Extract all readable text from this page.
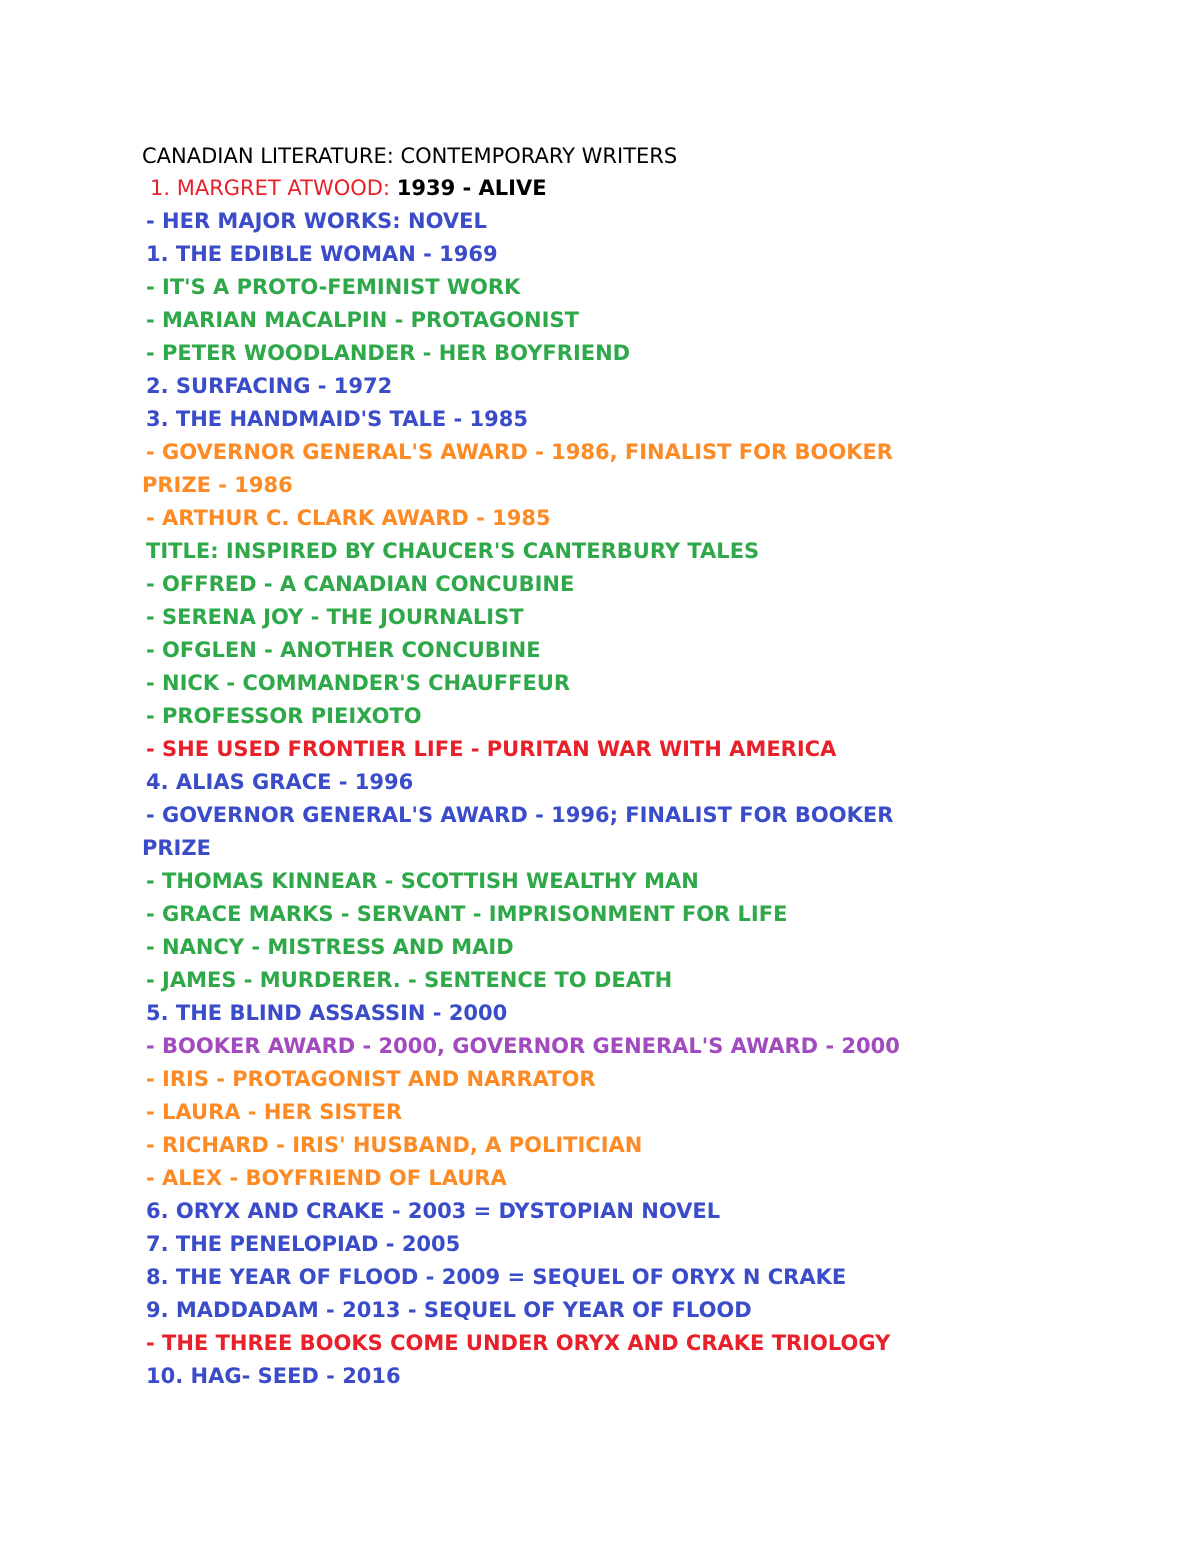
CANADIAN LITERATURE: CONTEMPORARY WRITERS
1. MARGRET ATWOOD: 1939 - ALIVE
- HER MAJOR WORKS: NOVEL
1. THE EDIBLE WOMAN - 1969
- IT'S A PROTO-FEMINIST WORK
- MARIAN MACALPIN - PROTAGONIST
- PETER WOODLANDER - HER BOYFRIEND
2. SURFACING - 1972
3. THE HANDMAID'S TALE - 1985
- GOVERNOR GENERAL'S AWARD - 1986, FINALIST FOR BOOKER
PRIZE - 1986
- ARTHUR C. CLARK AWARD - 1985
TITLE: INSPIRED BY CHAUCER'S CANTERBURY TALES
- OFFRED - A CANADIAN CONCUBINE
- SERENA JOY - THE JOURNALIST
- OFGLEN - ANOTHER CONCUBINE
- NICK - COMMANDER'S CHAUFFEUR
- PROFESSOR PIEIXOTO
- SHE USED FRONTIER LIFE - PURITAN WAR WITH AMERICA
4. ALIAS GRACE - 1996
- GOVERNOR GENERAL'S AWARD - 1996; FINALIST FOR BOOKER
PRIZE
- THOMAS KINNEAR - SCOTTISH WEALTHY MAN
- GRACE MARKS - SERVANT - IMPRISONMENT FOR LIFE
- NANCY - MISTRESS AND MAID
- JAMES - MURDERER. - SENTENCE TO DEATH
5. THE BLIND ASSASSIN - 2000
- BOOKER AWARD - 2000, GOVERNOR GENERAL'S AWARD - 2000
- IRIS - PROTAGONIST AND NARRATOR
- LAURA - HER SISTER
- RICHARD - IRIS' HUSBAND, A POLITICIAN
- ALEX - BOYFRIEND OF LAURA
6. ORYX AND CRAKE - 2003 = DYSTOPIAN NOVEL
7. THE PENELOPIAD - 2005
8. THE YEAR OF FLOOD - 2009 = SEQUEL OF ORYX N CRAKE
9. MADDADAM - 2013 - SEQUEL OF YEAR OF FLOOD
- THE THREE BOOKS COME UNDER ORYX AND CRAKE TRIOLOGY
10. HAG- SEED - 2016
